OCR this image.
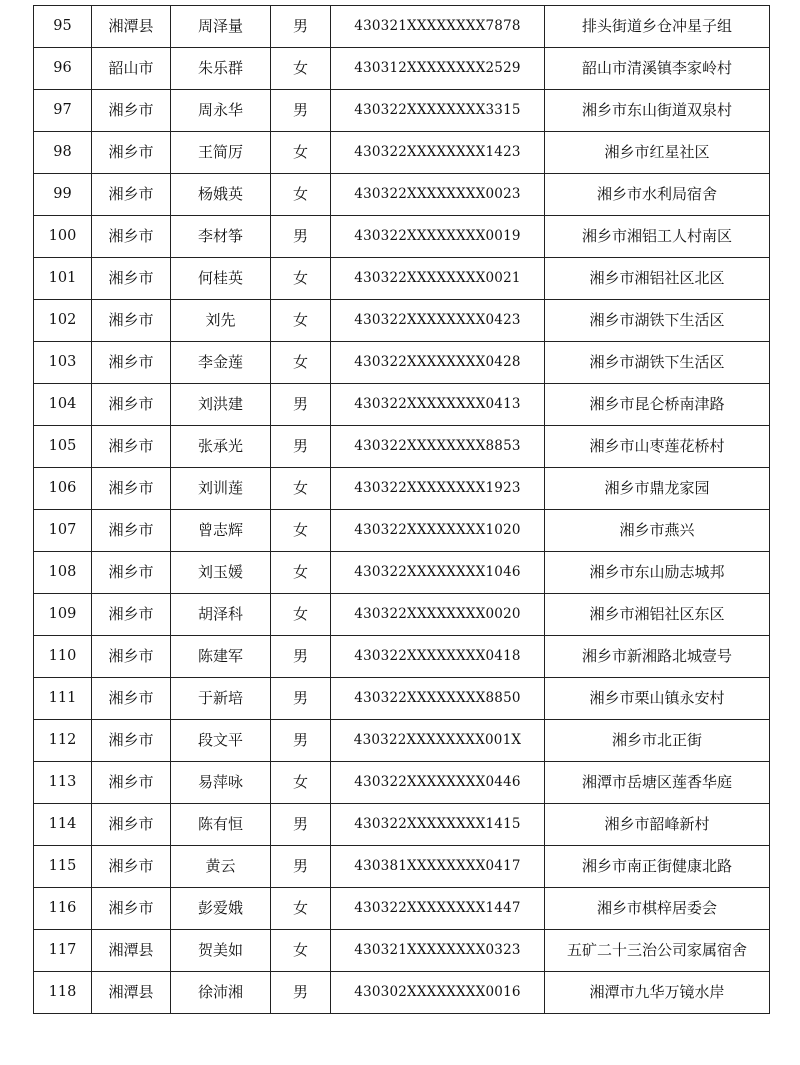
95	湘潭县	周泽量	男	430321XXXXXXXX7878	排头街道乡仓冲星子组
96	韶山市	朱乐群	女	430312XXXXXXXX2529	韶山市清溪镇李家岭村
97	湘乡市	周永华	男	430322XXXXXXXX3315	湘乡市东山街道双泉村
98	湘乡市	王简厉	女	430322XXXXXXXX1423	湘乡市红星社区
99	湘乡市	杨娥英	女	430322XXXXXXXX0023	湘乡市水利局宿舍
100	湘乡市	李材筝	男	430322XXXXXXXX0019	湘乡市湘铝工人村南区
101	湘乡市	何桂英	女	430322XXXXXXXX0021	湘乡市湘铝社区北区
102	湘乡市	刘先	女	430322XXXXXXXX0423	湘乡市湖铁下生活区
103	湘乡市	李金莲	女	430322XXXXXXXX0428	湘乡市湖铁下生活区
104	湘乡市	刘洪建	男	430322XXXXXXXX0413	湘乡市昆仑桥南津路
105	湘乡市	张承光	男	430322XXXXXXXX8853	湘乡市山枣莲花桥村
106	湘乡市	刘训莲	女	430322XXXXXXXX1923	湘乡市鼎龙家园
107	湘乡市	曾志辉	女	430322XXXXXXXX1020	湘乡市燕兴
108	湘乡市	刘玉媛	女	430322XXXXXXXX1046	湘乡市东山励志城邦
109	湘乡市	胡泽科	女	430322XXXXXXXX0020	湘乡市湘铝社区东区
110	湘乡市	陈建军	男	430322XXXXXXXX0418	湘乡市新湘路北城壹号
111	湘乡市	于新培	男	430322XXXXXXXX8850	湘乡市栗山镇永安村
112	湘乡市	段文平	男	430322XXXXXXXX001X	湘乡市北正街
113	湘乡市	易萍咏	女	430322XXXXXXXX0446	湘潭市岳塘区莲香华庭
114	湘乡市	陈有恒	男	430322XXXXXXXX1415	湘乡市韶峰新村
115	湘乡市	黄云	男	430381XXXXXXXX0417	湘乡市南正街健康北路
116	湘乡市	彭爱娥	女	430322XXXXXXXX1447	湘乡市棋梓居委会
117	湘潭县	贺美如	女	430321XXXXXXXX0323	五矿二十三治公司家属宿舍
118	湘潭县	徐沛湘	男	430302XXXXXXXX0016	湘潭市九华万镜水岸
